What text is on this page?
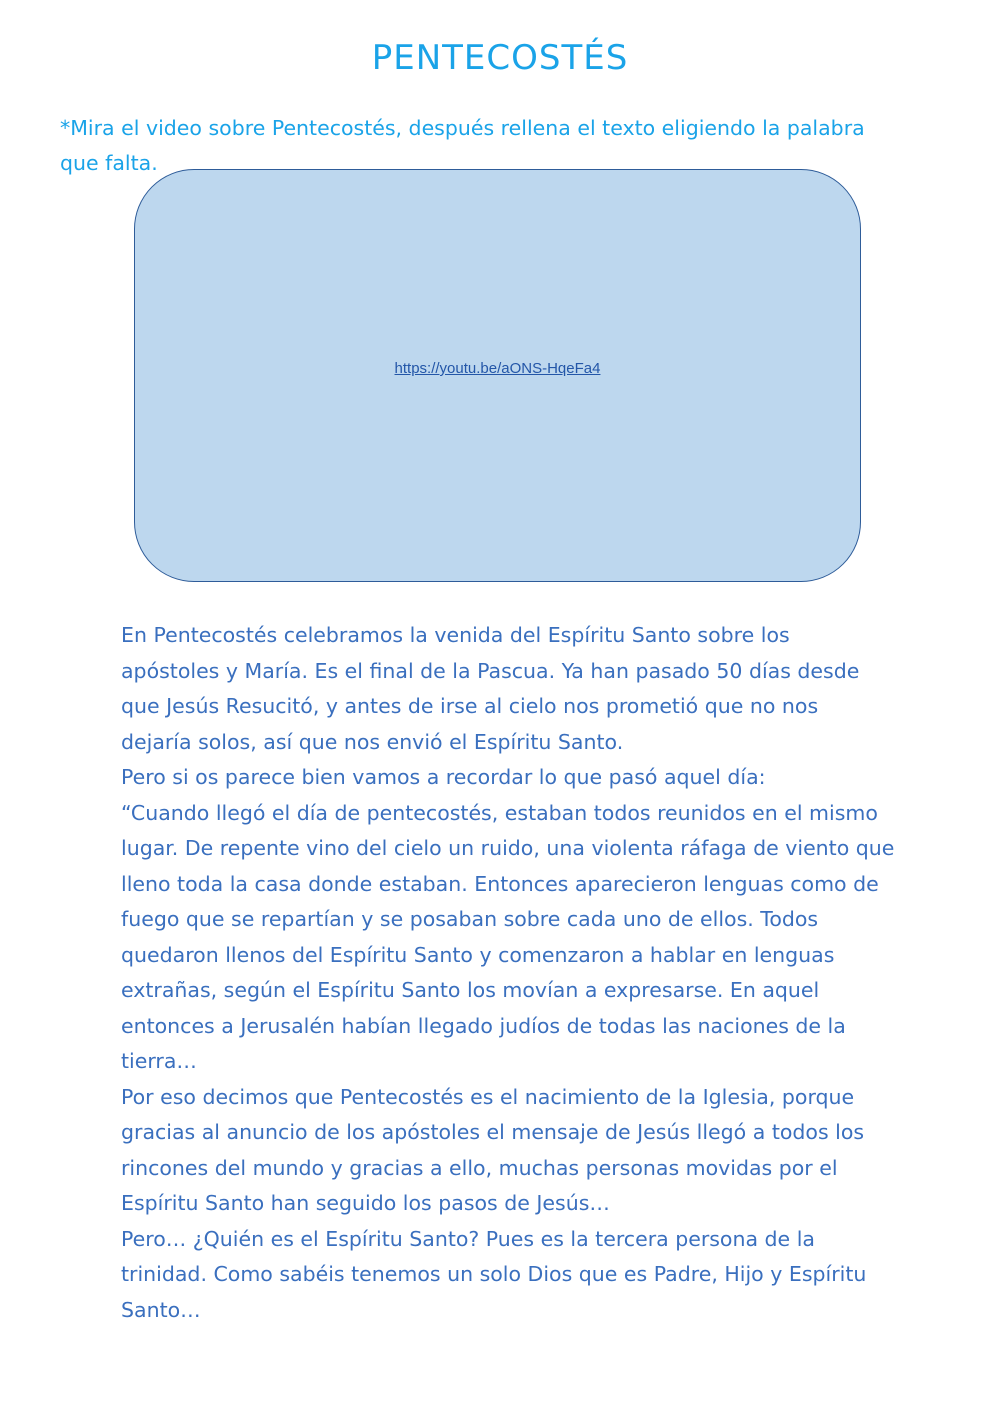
PENTECOSTÉS
*Mira el video sobre Pentecostés, después rellena el texto eligiendo la palabra
que falta.
https://youtu.be/aONS-HqeFa4
En Pentecostés celebramos la venida del Espíritu Santo sobre los
apóstoles y María. Es el final de la Pascua. Ya han pasado 50 días desde
que Jesús Resucitó, y antes de irse al cielo nos prometió que no nos
dejaría solos, así que nos envió el Espíritu Santo.
Pero si os parece bien vamos a recordar lo que pasó aquel día:
“Cuando llegó el día de pentecostés, estaban todos reunidos en el mismo
lugar. De repente vino del cielo un ruido, una violenta ráfaga de viento que
lleno toda la casa donde estaban. Entonces aparecieron lenguas como de
fuego que se repartían y se posaban sobre cada uno de ellos. Todos
quedaron llenos del Espíritu Santo y comenzaron a hablar en lenguas
extrañas, según el Espíritu Santo los movían a expresarse. En aquel
entonces a Jerusalén habían llegado judíos de todas las naciones de la
tierra…
Por eso decimos que Pentecostés es el nacimiento de la Iglesia, porque
gracias al anuncio de los apóstoles el mensaje de Jesús llegó a todos los
rincones del mundo y gracias a ello, muchas personas movidas por el
Espíritu Santo han seguido los pasos de Jesús…
Pero… ¿Quién es el Espíritu Santo? Pues es la tercera persona de la
trinidad. Como sabéis tenemos un solo Dios que es Padre, Hijo y Espíritu
Santo…
